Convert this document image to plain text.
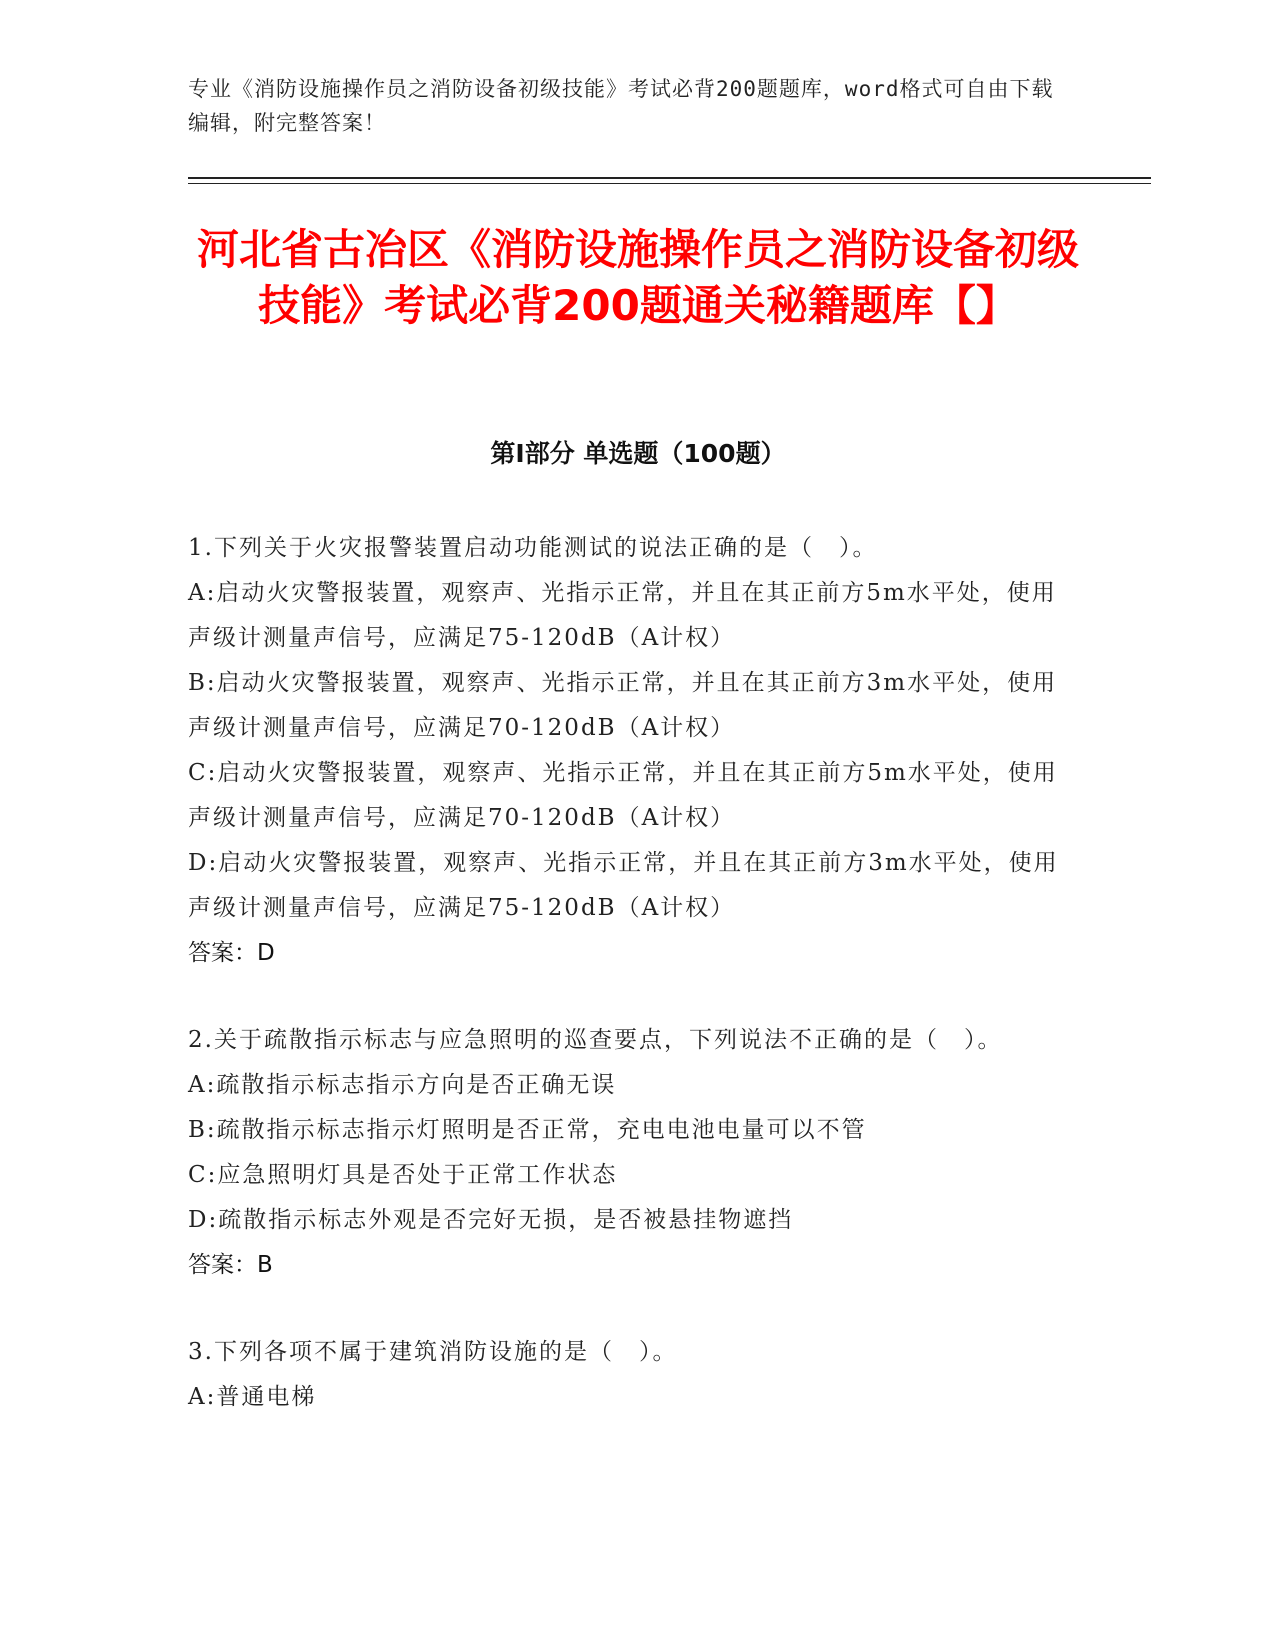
专业《消防设施操作员之消防设备初级技能》考试必背200题题库，word格式可自由下载编辑，附完整答案！
河北省古冶区《消防设施操作员之消防设备初级技能》考试必背200题通关秘籍题库【】
第I部分 单选题（100题）

1.下列关于火灾报警装置启动功能测试的说法正确的是（　）。

A:启动火灾警报装置，观察声、光指示正常，并且在其正前方5m水平处，使用声级计测量声信号，应满足75-120dB（A计权）

B:启动火灾警报装置，观察声、光指示正常，并且在其正前方3m水平处，使用声级计测量声信号，应满足70-120dB（A计权）

C:启动火灾警报装置，观察声、光指示正常，并且在其正前方5m水平处，使用声级计测量声信号，应满足70-120dB（A计权）

D:启动火灾警报装置，观察声、光指示正常，并且在其正前方3m水平处，使用声级计测量声信号，应满足75-120dB（A计权）

答案：D

2.关于疏散指示标志与应急照明的巡查要点，下列说法不正确的是（　）。

A:疏散指示标志指示方向是否正确无误

B:疏散指示标志指示灯照明是否正常，充电电池电量可以不管

C:应急照明灯具是否处于正常工作状态

D:疏散指示标志外观是否完好无损，是否被悬挂物遮挡

答案：B

3.下列各项不属于建筑消防设施的是（　）。

A:普通电梯
